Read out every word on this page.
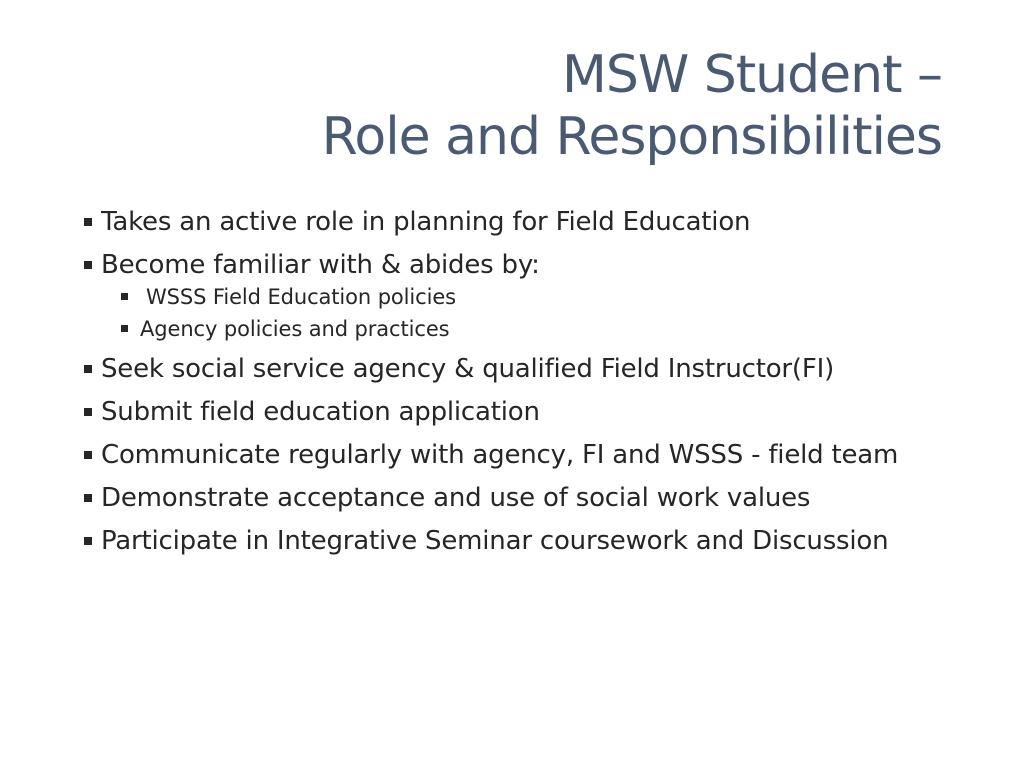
MSW Student –
Role and Responsibilities
Takes an active role in planning for Field Education
Become familiar with & abides by:
WSSS Field Education policies
Agency policies and practices
Seek social service agency & qualified Field Instructor(FI)
Submit field education application
Communicate regularly with agency, FI and WSSS - field team
Demonstrate acceptance and use of social work values
Participate in Integrative Seminar coursework and Discussion
